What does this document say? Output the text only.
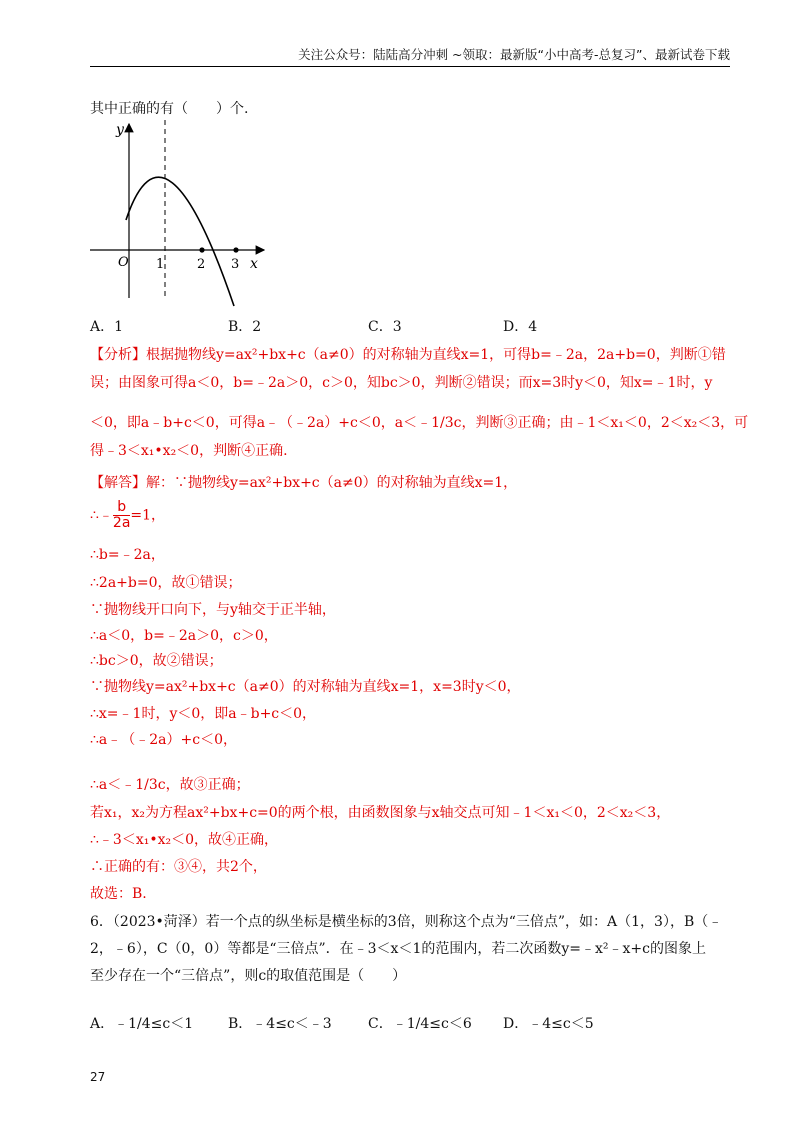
关注公众号：陆陆高分冲刺 ~领取：最新版“小中高考-总复习”、最新试卷下载
其中正确的有（　　）个.
y
x
O 1	2 3
A．1	B．2	C．3	D．4
【分析】根据抛物线y=ax²+bx+c（a≠0）的对称轴为直线x=1，可得b=﹣2a，2a+b=0，判断①错
误；由图象可得a＜0，b=﹣2a＞0，c＞0，知bc＞0，判断②错误；而x=3时y＜0，知x=﹣1时，y
＜0，即a﹣b+c＜0，可得a﹣（﹣2a）+c＜0，a＜﹣1/3c，判断③正确；由﹣1＜x₁＜0，2＜x₂＜3，可
得﹣3＜x₁•x₂＜0，判断④正确.
【解答】解：∵抛物线y=ax²+bx+c（a≠0）的对称轴为直线x=1，
∴﹣ $\frac{b}{2a} =1$，
∴b=﹣2a，
∴2a+b=0，故①错误；
∵抛物线开口向下，与y轴交于正半轴，
∴a＜0，b=﹣2a＞0，c＞0，
∴bc＞0，故②错误；
∵抛物线y=ax²+bx+c（a≠0）的对称轴为直线x=1，x=3时y＜0，
∴x=﹣1时，y＜0，即a﹣b+c＜0，
∴a﹣（﹣2a）+c＜0，
∴a＜﹣1/3c，故③正确；
若x₁，x₂为方程ax²+bx+c=0的两个根，由函数图象与x轴交点可知﹣1＜x₁＜0，2＜x₂＜3，
∴﹣3＜x₁•x₂＜0，故④正确，
∴正确的有：③④，共2个，
故选：B.
6．（2023•菏泽）若一个点的纵坐标是横坐标的3倍，则称这个点为“三倍点”，如：A（1，3），B（﹣
2，﹣6），C（0，0）等都是“三倍点”．在﹣3＜x＜1的范围内，若二次函数y=﹣x²﹣x+c的图象上
至少存在一个“三倍点”，则c的取值范围是（　　）
A．﹣1/4≤c＜1 B．﹣4≤c＜﹣3	C．﹣1/4≤c＜6 D．﹣4≤c＜5
27
